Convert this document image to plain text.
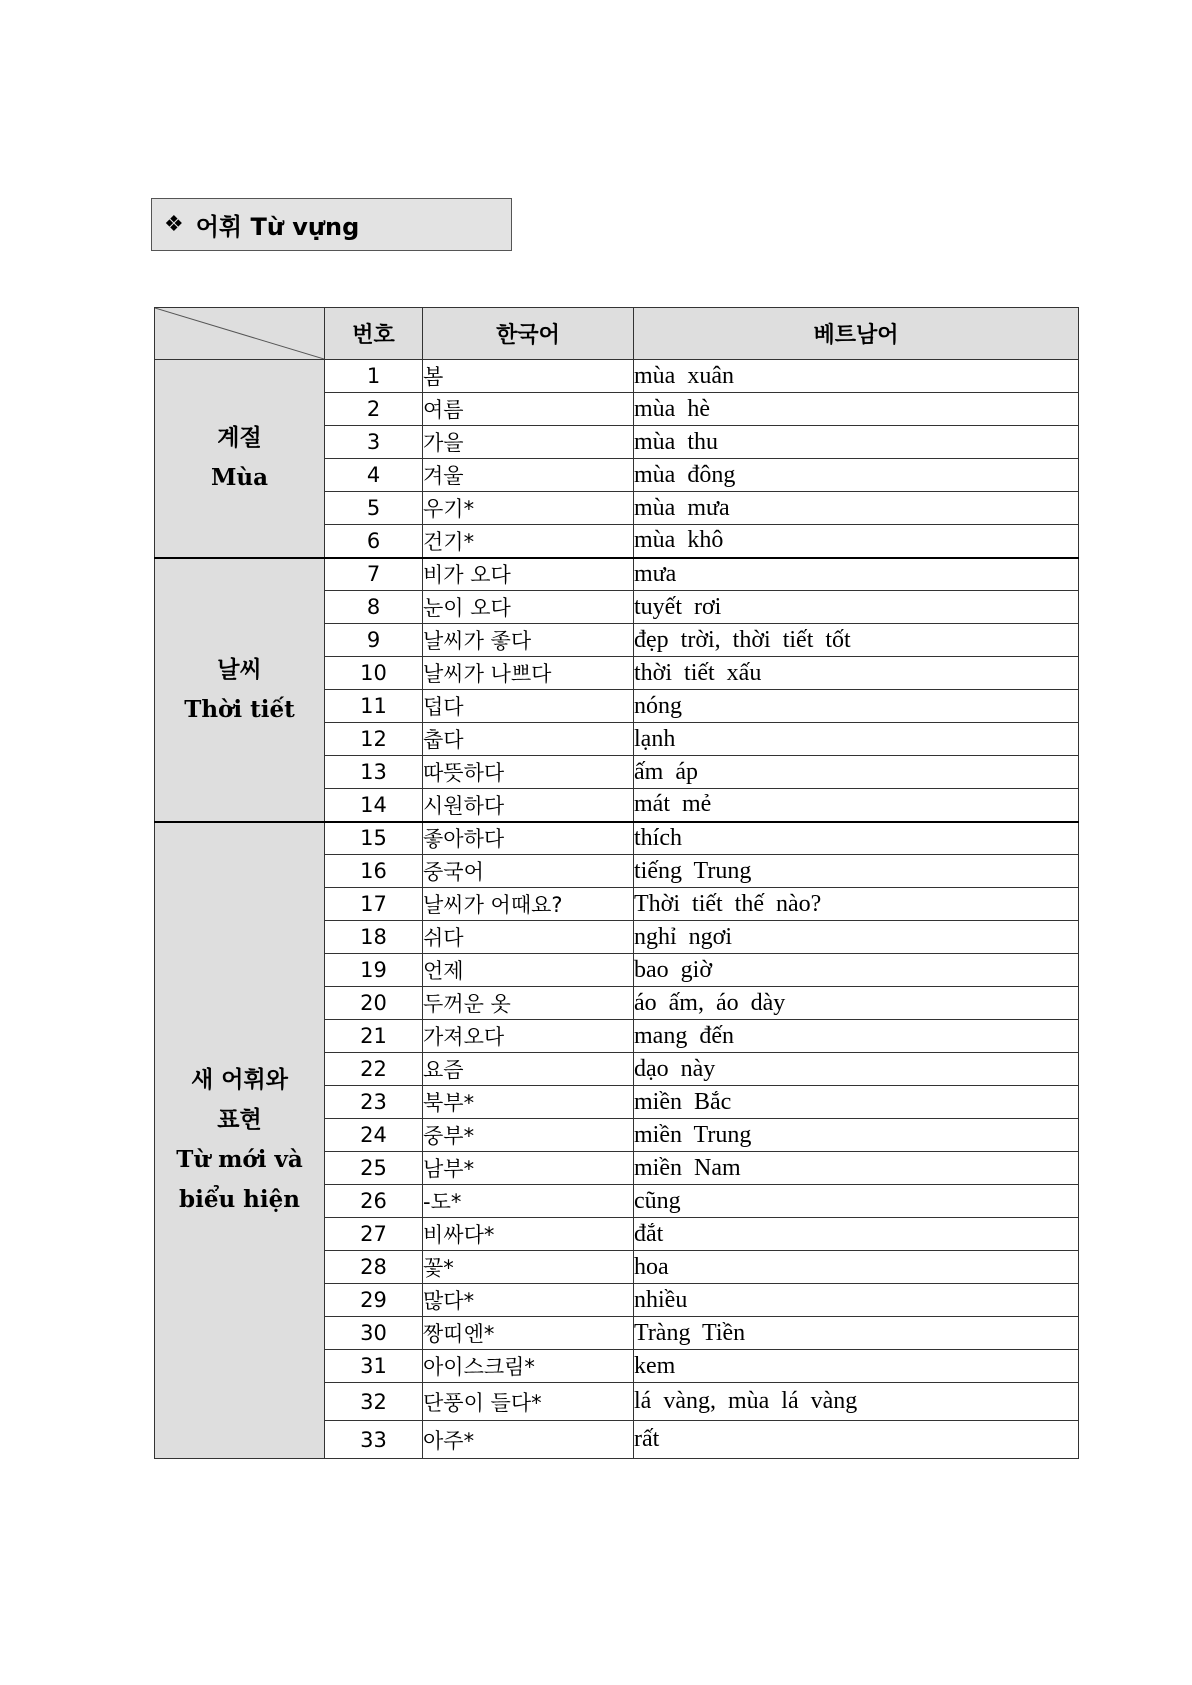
❖ 어휘 Từ vựng
	번호	한국어	베트남어

계절
Mùa	1	봄	mùa xuân
	2	여름	mùa hè
	3	가을	mùa thu
	4	겨울	mùa đông
	5	우기*	mùa mưa
	6	건기*	mùa khô

날씨
Thời tiết	7	비가 오다	mưa
	8	눈이 오다	tuyết rơi
	9	날씨가 좋다	đẹp trời, thời tiết tốt
	10	날씨가 나쁘다	thời tiết xấu
	11	덥다	nóng
	12	춥다	lạnh
	13	따뜻하다	ấm áp
	14	시원하다	mát mẻ

새 어휘와
표현
Từ mới và
biểu hiện	15	좋아하다	thích
	16	중국어	tiếng Trung
	17	날씨가 어때요?	Thời tiết thế nào?
	18	쉬다	nghỉ ngơi
	19	언제	bao giờ
	20	두꺼운 옷	áo ấm, áo dày
	21	가져오다	mang đến
	22	요즘	dạo này
	23	북부*	miền Bắc
	24	중부*	miền Trung
	25	남부*	miền Nam
	26	-도*	cũng
	27	비싸다*	đắt
	28	꽃*	hoa
	29	많다*	nhiều
	30	짱띠엔*	Tràng Tiền
	31	아이스크림*	kem
	32	단풍이 들다*	lá vàng, mùa lá vàng
	33	아주*	rất
